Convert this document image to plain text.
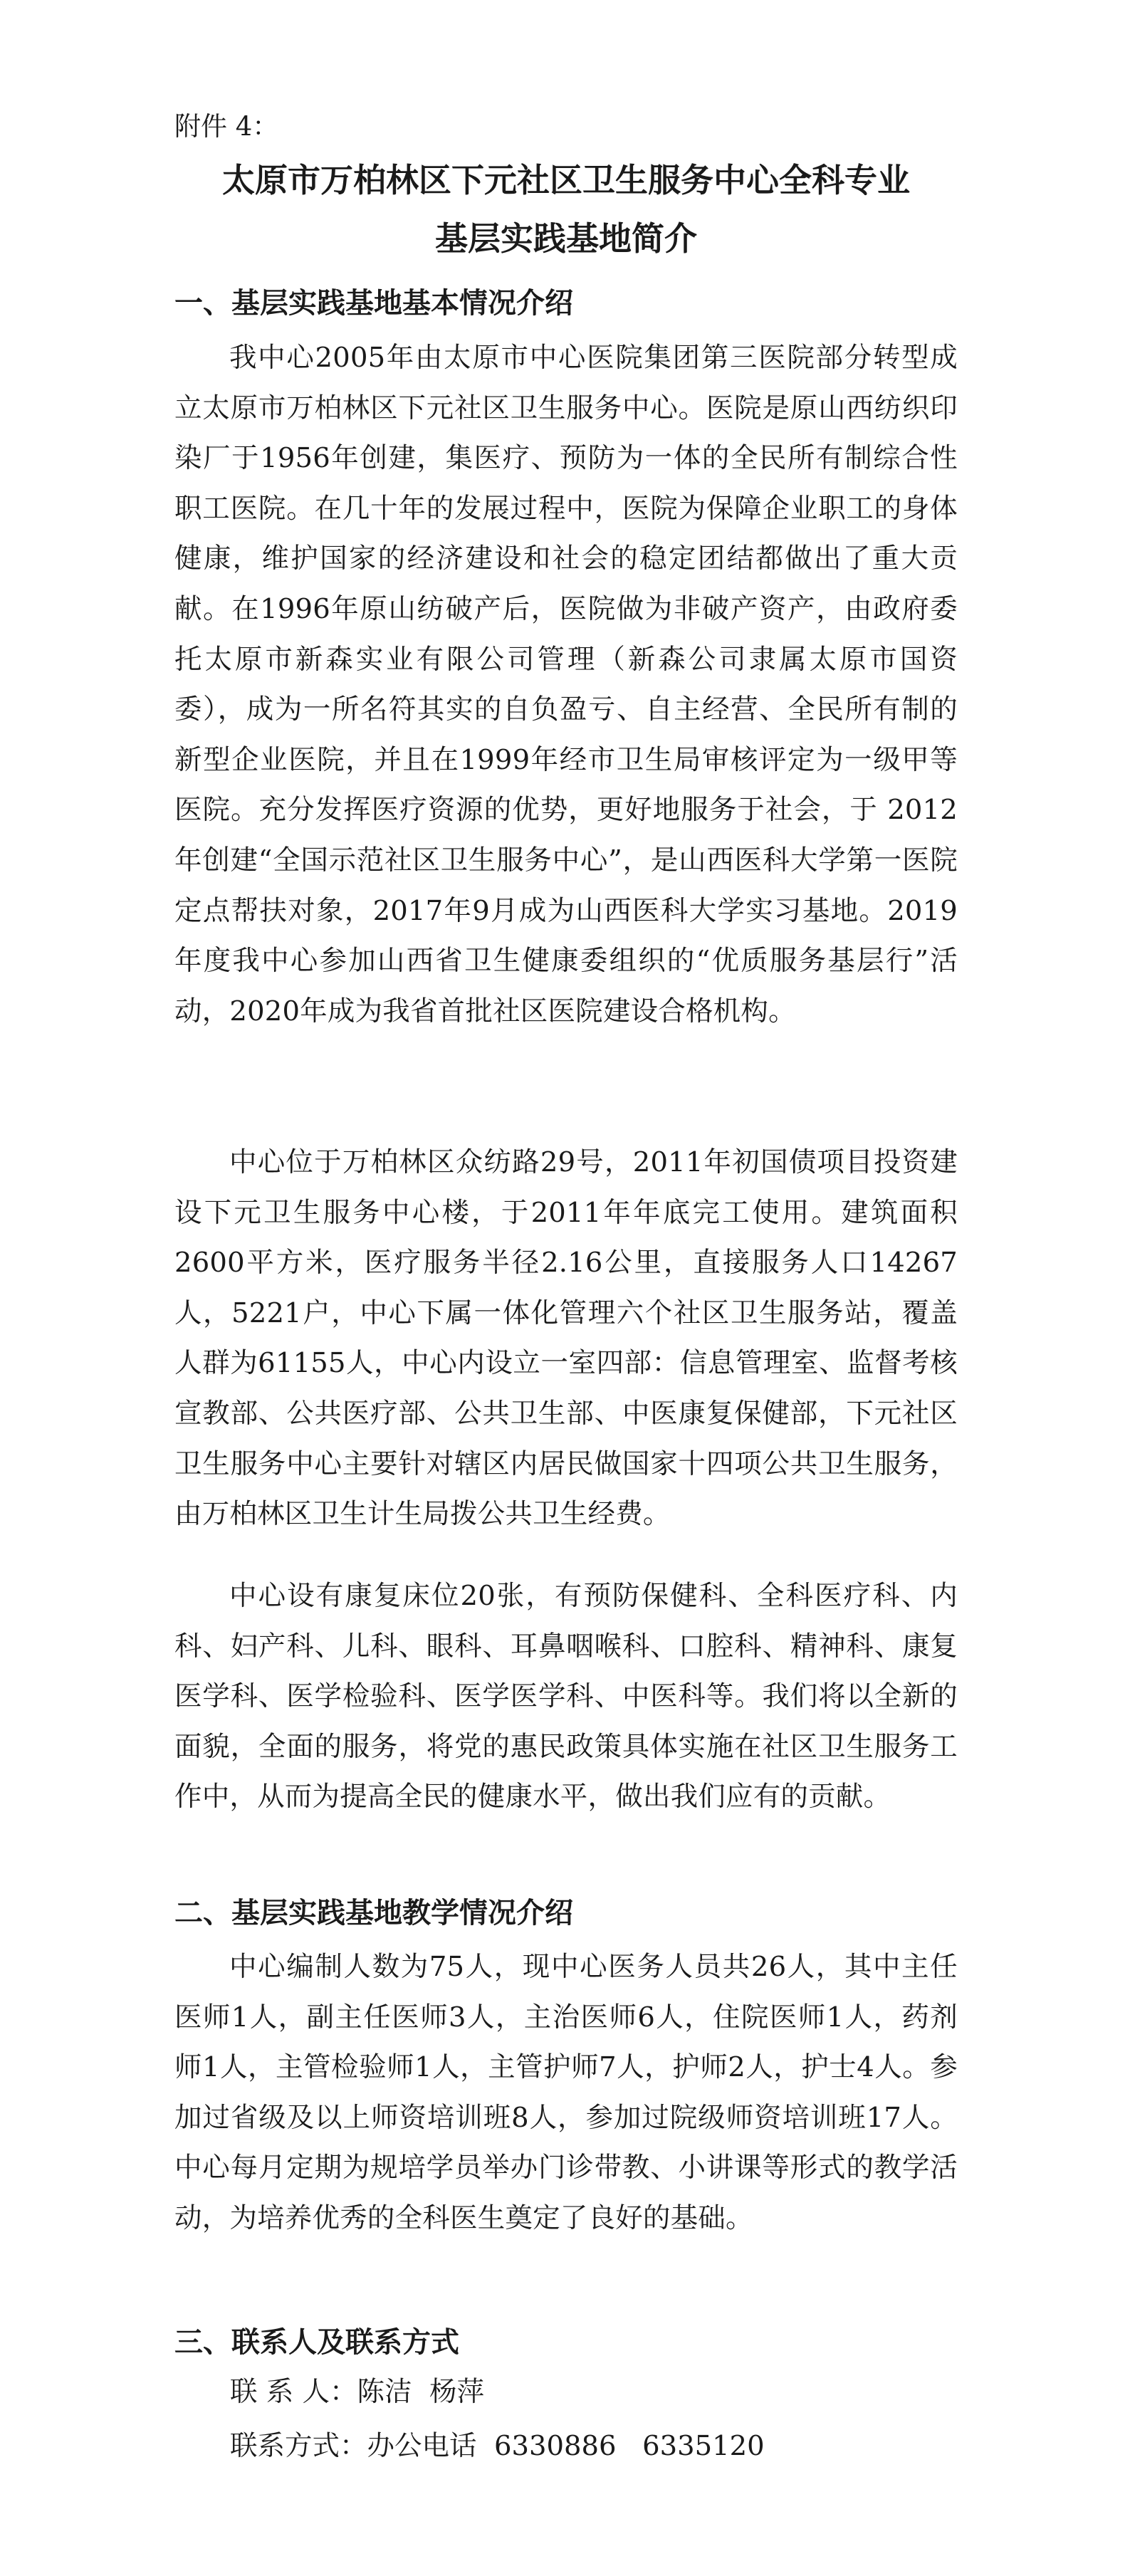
附件 4：

太原市万柏林区下元社区卫生服务中心全科专业
基层实践基地简介
一、基层实践基地基本情况介绍

我中心2005年由太原市中心医院集团第三医院部分转型成立太原市万柏林区下元社区卫生服务中心。医院是原山西纺织印染厂于1956年创建，集医疗、预防为一体的全民所有制综合性职工医院。在几十年的发展过程中，医院为保障企业职工的身体健康，维护国家的经济建设和社会的稳定团结都做出了重大贡献。在1996年原山纺破产后，医院做为非破产资产，由政府委托太原市新森实业有限公司管理（新森公司隶属太原市国资委），成为一所名符其实的自负盈亏、自主经营、全民所有制的新型企业医院，并且在1999年经市卫生局审核评定为一级甲等医院。充分发挥医疗资源的优势，更好地服务于社会，于 2012年创建“全国示范社区卫生服务中心”，是山西医科大学第一医院定点帮扶对象，2017年9月成为山西医科大学实习基地。2019年度我中心参加山西省卫生健康委组织的“优质服务基层行”活动，2020年成为我省首批社区医院建设合格机构。

中心位于万柏林区众纺路29号，2011年初国债项目投资建设下元卫生服务中心楼，于2011年年底完工使用。建筑面积2600平方米，医疗服务半径2.16公里，直接服务人口14267人，5221户，中心下属一体化管理六个社区卫生服务站，覆盖人群为61155人，中心内设立一室四部：信息管理室、监督考核宣教部、公共医疗部、公共卫生部、中医康复保健部，下元社区卫生服务中心主要针对辖区内居民做国家十四项公共卫生服务，由万柏林区卫生计生局拨公共卫生经费。

中心设有康复床位20张，有预防保健科、全科医疗科、内科、妇产科、儿科、眼科、耳鼻咽喉科、口腔科、精神科、康复医学科、医学检验科、医学医学科、中医科等。我们将以全新的面貌，全面的服务，将党的惠民政策具体实施在社区卫生服务工作中，从而为提高全民的健康水平，做出我们应有的贡献。

二、基层实践基地教学情况介绍

中心编制人数为75人，现中心医务人员共26人，其中主任医师1人，副主任医师3人，主治医师6人，住院医师1人，药剂师1人，主管检验师1人，主管护师7人，护师2人，护士4人。参加过省级及以上师资培训班8人，参加过院级师资培训班17人。中心每月定期为规培学员举办门诊带教、小讲课等形式的教学活动，为培养优秀的全科医生奠定了良好的基础。

三、联系人及联系方式

联 系 人：陈洁  杨萍

联系方式：办公电话  6330886   6335120
